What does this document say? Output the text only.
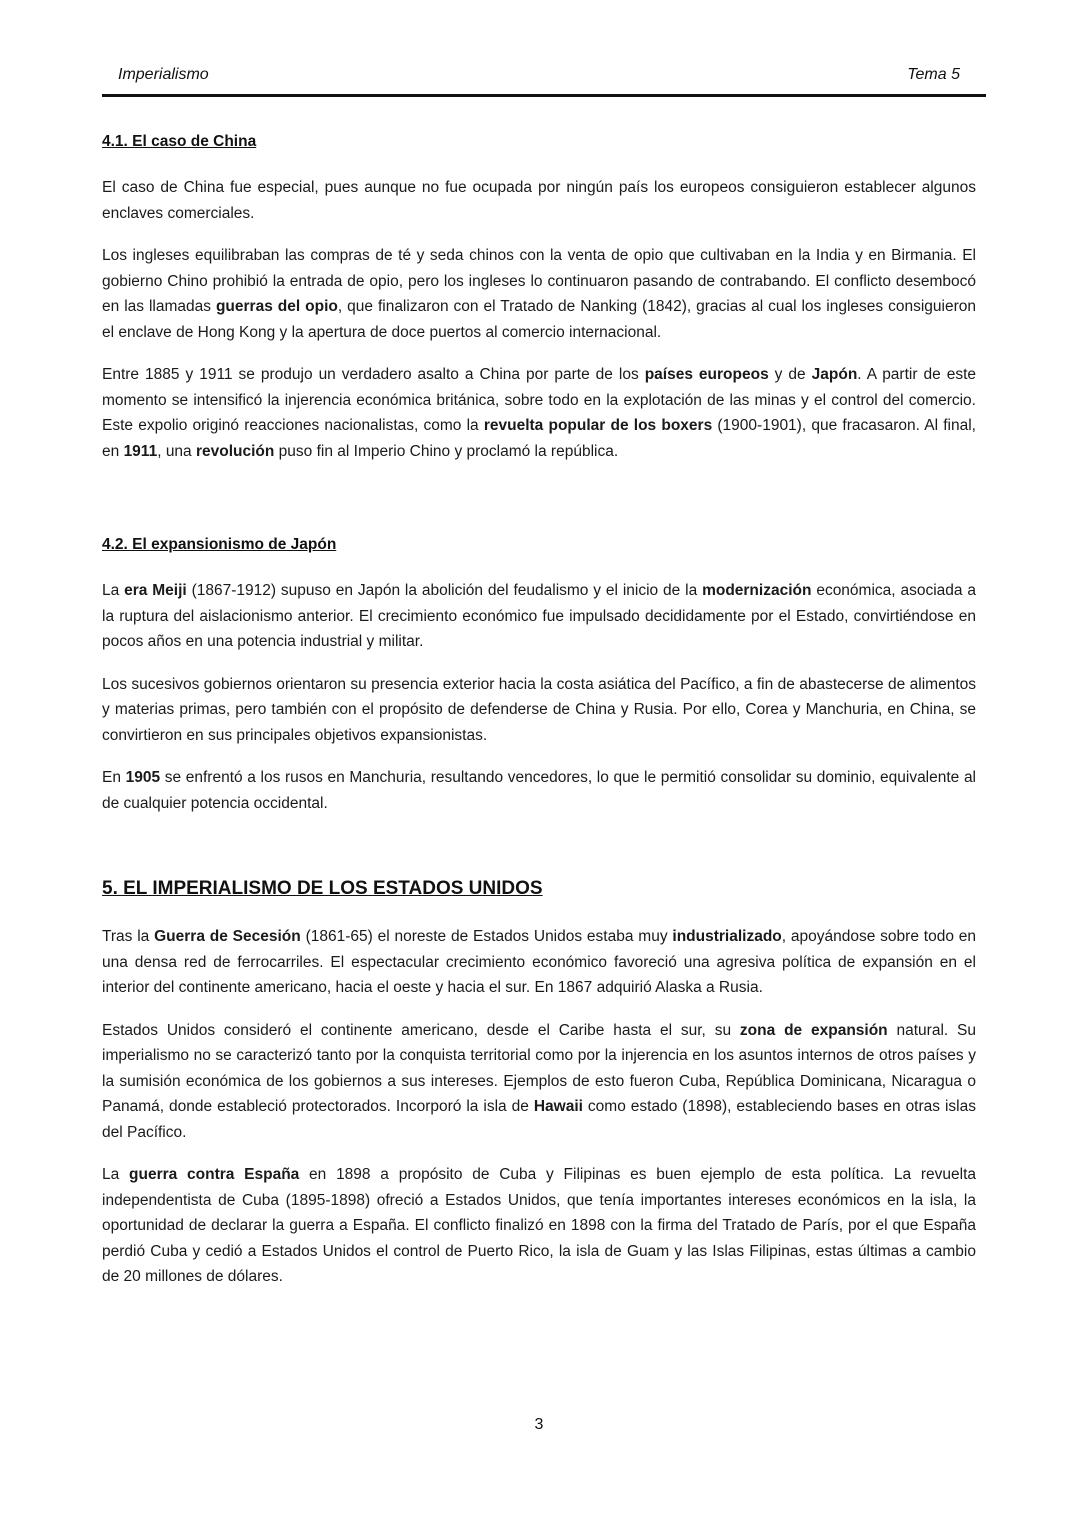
Imperialismo	Tema 5
4.1. El caso de China

El caso de China fue especial, pues aunque no fue ocupada por ningún país los europeos consiguieron establecer algunos enclaves comerciales.

Los ingleses equilibraban las compras de té y seda chinos con la venta de opio que cultivaban en la India y en Birmania. El gobierno Chino prohibió la entrada de opio, pero los ingleses lo continuaron pasando de contrabando. El conflicto desembocó en las llamadas guerras del opio, que finalizaron con el Tratado de Nanking (1842), gracias al cual los ingleses consiguieron el enclave de Hong Kong y la apertura de doce puertos al comercio internacional.

Entre 1885 y 1911 se produjo un verdadero asalto a China por parte de los países europeos y de Japón. A partir de este momento se intensificó la injerencia económica británica, sobre todo en la explotación de las minas y el control del comercio. Este expolio originó reacciones nacionalistas, como la revuelta popular de los boxers (1900-1901), que fracasaron. Al final, en 1911, una revolución puso fin al Imperio Chino y proclamó la república.

4.2. El expansionismo de Japón

La era Meiji (1867-1912) supuso en Japón la abolición del feudalismo y el inicio de la modernización económica, asociada a la ruptura del aislacionismo anterior. El crecimiento económico fue impulsado decididamente por el Estado, convirtiéndose en pocos años en una potencia industrial y militar.

Los sucesivos gobiernos orientaron su presencia exterior hacia la costa asiática del Pacífico, a fin de abastecerse de alimentos y materias primas, pero también con el propósito de defenderse de China y Rusia. Por ello, Corea y Manchuria, en China, se convirtieron en sus principales objetivos expansionistas.

En 1905 se enfrentó a los rusos en Manchuria, resultando vencedores, lo que le permitió consolidar su dominio, equivalente al de cualquier potencia occidental.

5. EL IMPERIALISMO DE LOS ESTADOS UNIDOS

Tras la Guerra de Secesión (1861-65) el noreste de Estados Unidos estaba muy industrializado, apoyándose sobre todo en una densa red de ferrocarriles. El espectacular crecimiento económico favoreció una agresiva política de expansión en el interior del continente americano, hacia el oeste y hacia el sur. En 1867 adquirió Alaska a Rusia.

Estados Unidos consideró el continente americano, desde el Caribe hasta el sur, su zona de expansión natural. Su imperialismo no se caracterizó tanto por la conquista territorial como por la injerencia en los asuntos internos de otros países y la sumisión económica de los gobiernos a sus intereses. Ejemplos de esto fueron Cuba, República Dominicana, Nicaragua o Panamá, donde estableció protectorados. Incorporó la isla de Hawaii como estado (1898), estableciendo bases en otras islas del Pacífico.

La guerra contra España en 1898 a propósito de Cuba y Filipinas es buen ejemplo de esta política. La revuelta independentista de Cuba (1895-1898) ofreció a Estados Unidos, que tenía importantes intereses económicos en la isla, la oportunidad de declarar la guerra a España. El conflicto finalizó en 1898 con la firma del Tratado de París, por el que España perdió Cuba y cedió a Estados Unidos el control de Puerto Rico, la isla de Guam y las Islas Filipinas, estas últimas a cambio de 20 millones de dólares.

3
